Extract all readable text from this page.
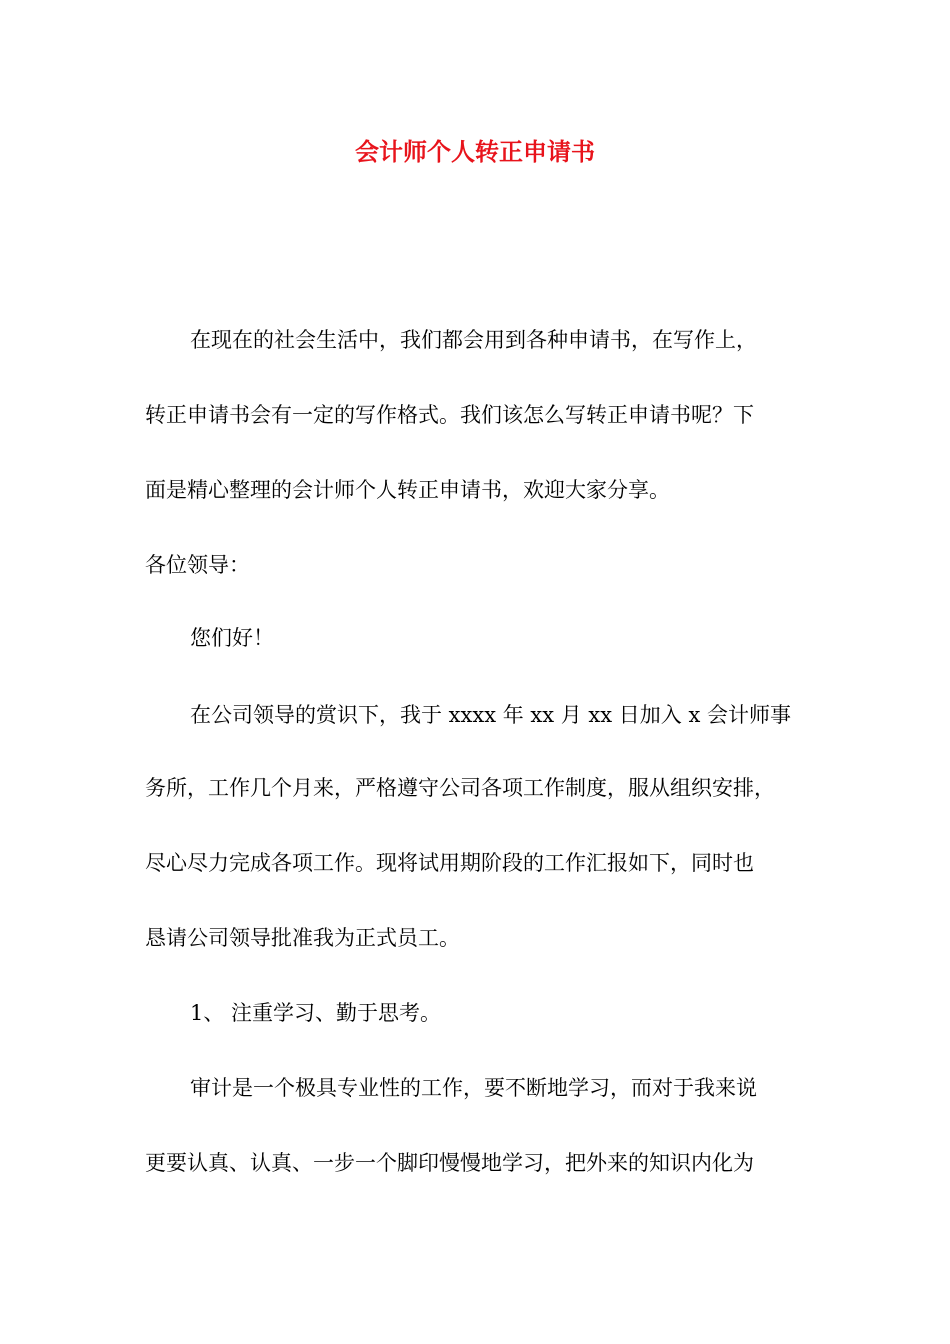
会计师个人转正申请书
在现在的社会生活中，我们都会用到各种申请书，在写作上，
转正申请书会有一定的写作格式。我们该怎么写转正申请书呢？下
面是精心整理的会计师个人转正申请书，欢迎大家分享。
各位领导：
您们好！
在公司领导的赏识下，我于 xxxx 年 xx 月 xx 日加入 x 会计师事
务所，工作几个月来，严格遵守公司各项工作制度，服从组织安排，
尽心尽力完成各项工作。现将试用期阶段的工作汇报如下，同时也
恳请公司领导批准我为正式员工。
1、 注重学习、勤于思考。
审计是一个极具专业性的工作，要不断地学习，而对于我来说
更要认真、认真、一步一个脚印慢慢地学习，把外来的知识内化为
